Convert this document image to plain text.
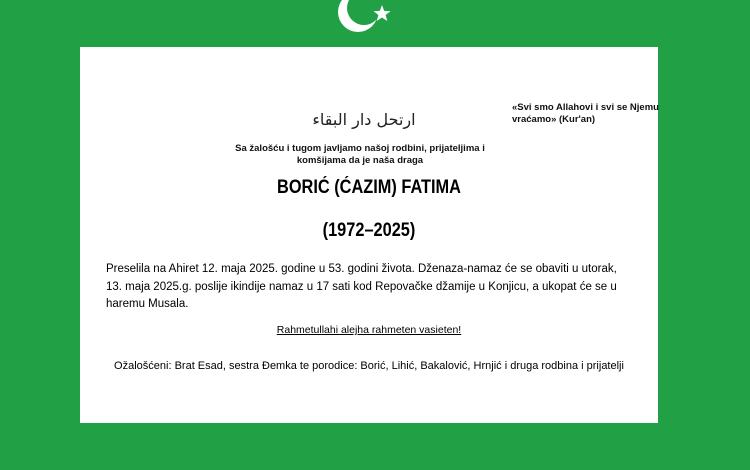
ارتحل دار البقاء

«Svi smo Allahovi i svi se Njemu vraćamo» (Kur'an)

Sa žalošću i tugom javljamo našoj rodbini, prijateljima i komšijama da je naša draga

BORIĆ (ĆAZIM) FATIMA

(1972–2025)

Preselila na Ahiret 12. maja 2025. godine u 53. godini života. Dženaza-namaz će se obaviti u utorak, 13. maja 2025.g. poslije ikindije namaz u 17 sati kod Repovačke džamije u Konjicu, a ukopat će se u haremu Musala.

Rahmetullahi alejha rahmeten vasieten!

Ožalošćeni: Brat Esad, sestra Đemka te porodice: Borić, Lihić, Bakalović, Hrnjić i druga rodbina i prijatelji
